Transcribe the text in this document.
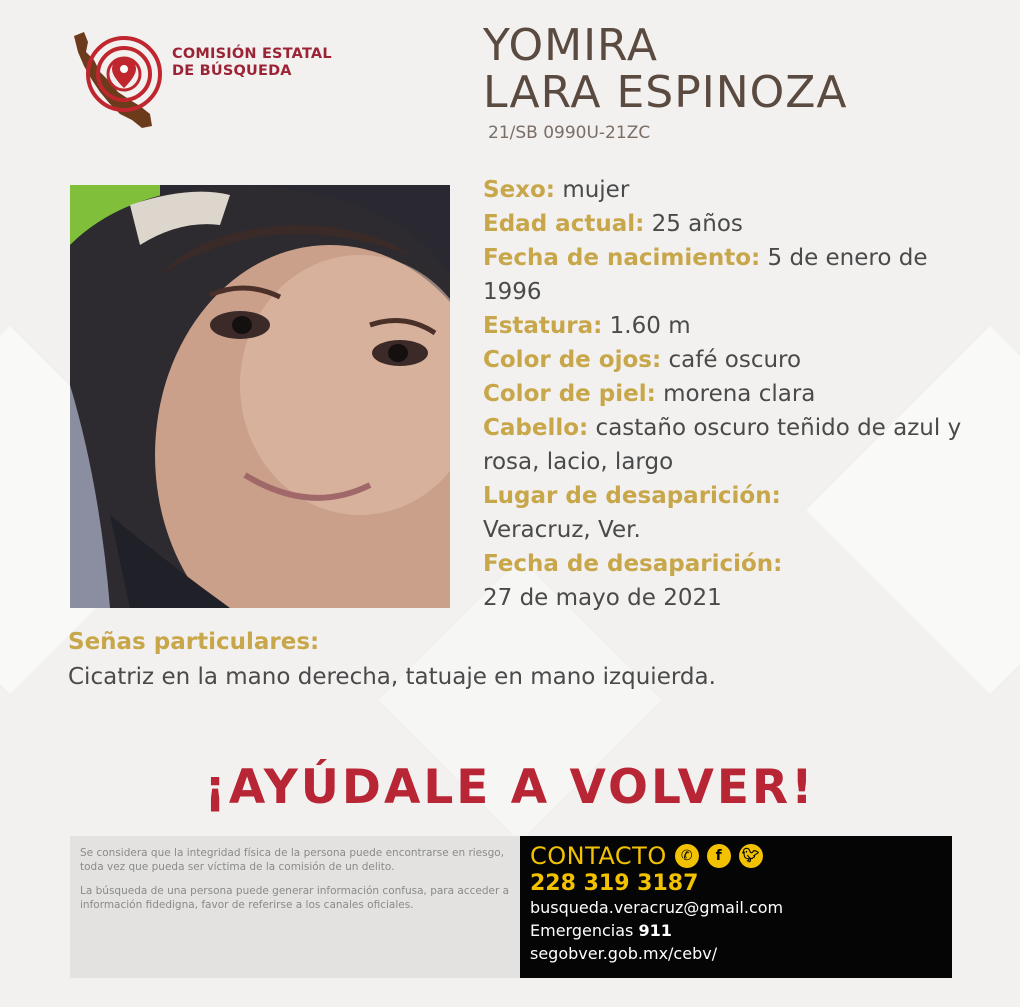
COMISIÓN ESTATAL
DE BÚSQUEDA	YOMIRA
LARA ESPINOZA
21/SB 0990U-21ZC
Sexo: mujer
Edad actual: 25 años
Fecha de nacimiento: 5 de enero de 1996
Estatura: 1.60 m
Color de ojos: café oscuro
Color de piel: morena clara
Cabello: castaño oscuro teñido de azul y rosa, lacio, largo
Lugar de desaparición:
Veracruz, Ver.
Fecha de desaparición:
27 de mayo de 2021
Señas particulares:
Cicatriz en la mano derecha, tatuaje en mano izquierda.
¡AYÚDALE A VOLVER!

Se considera que la integridad física de la persona puede encontrarse en riesgo, toda vez que pueda ser víctima de la comisión de un delito.

La búsqueda de una persona puede generar información confusa, para acceder a información fidedigna, favor de referirse a los canales oficiales.

CONTACTO	✆	f	🐦︎
228 319 3187
busqueda.veracruz@gmail.com
Emergencias 911
segobver.gob.mx/cebv/
